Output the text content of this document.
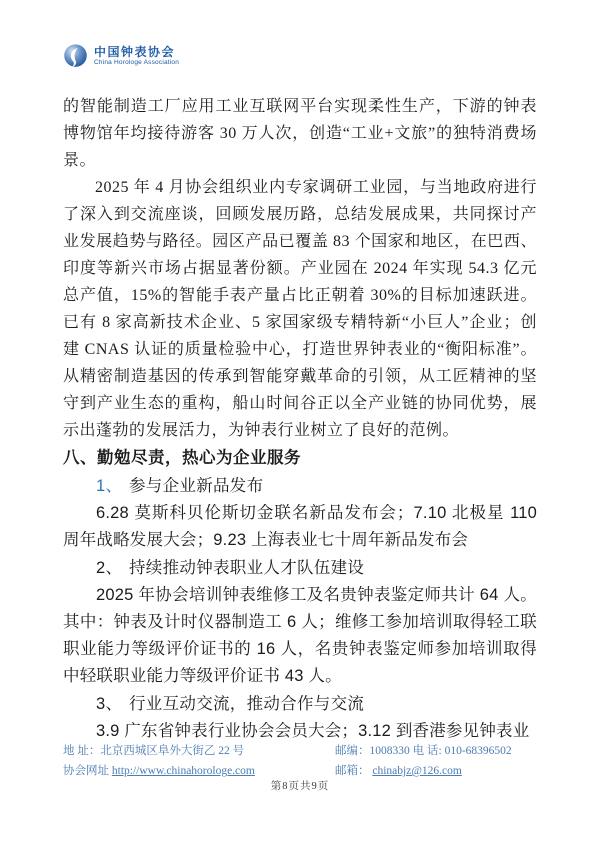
中国钟表协会
China Horologe Association

的智能制造工厂应用工业互联网平台实现柔性生产，下游的钟表博物馆年均接待游客 30 万人次，创造“工业+文旅”的独特消费场景。

2025 年 4 月协会组织业内专家调研工业园，与当地政府进行了深入到交流座谈，回顾发展历路，总结发展成果，共同探讨产业发展趋势与路径。园区产品已覆盖 83 个国家和地区，在巴西、印度等新兴市场占据显著份额。产业园在 2024 年实现 54.3 亿元总产值，15%的智能手表产量占比正朝着 30%的目标加速跃进。已有 8 家高新技术企业、5 家国家级专精特新“小巨人”企业；创建 CNAS 认证的质量检验中心，打造世界钟表业的“衡阳标准”。从精密制造基因的传承到智能穿戴革命的引领，从工匠精神的坚守到产业生态的重构，船山时间谷正以全产业链的协同优势，展示出蓬勃的发展活力，为钟表行业树立了良好的范例。

八、勤勉尽责，热心为企业服务
1、 参与企业新品发布

6.28 莫斯科贝伦斯切金联名新品发布会；7.10 北极星 110 周年战略发展大会；9.23 上海表业七十周年新品发布会

2、 持续推动钟表职业人才队伍建设

2025 年协会培训钟表维修工及名贵钟表鉴定师共计 64 人。其中：钟表及计时仪器制造工 6 人；维修工参加培训取得轻工联职业能力等级评价证书的 16 人，名贵钟表鉴定师参加培训取得中轻联职业能力等级评价证书 43 人。

3、 行业互动交流，推动合作与交流

3.9 广东省钟表行业协会会员大会；3.12 到香港参见钟表业

地 址：北京西城区阜外大街乙 22 号	邮编：1008330 电 话: 010-68396502
协会网址 http://www.chinahorologe.com	邮箱： chinabjz@126.com
第8页共9页
